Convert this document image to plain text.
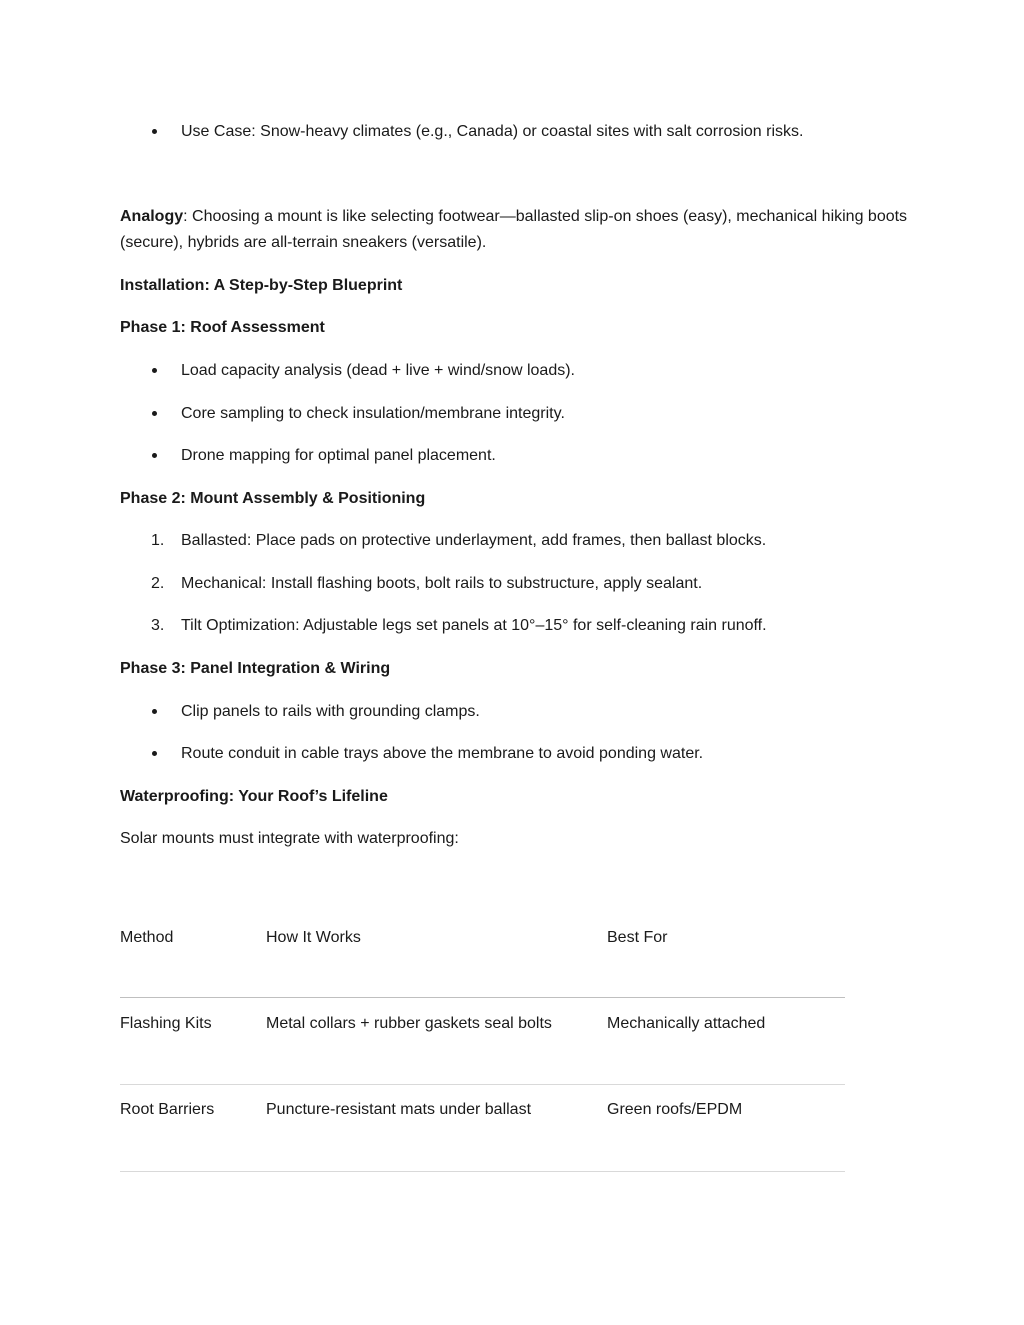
Use Case: Snow-heavy climates (e.g., Canada) or coastal sites with salt corrosion risks.
Analogy: Choosing a mount is like selecting footwear—ballasted slip-on shoes (easy), mechanical hiking boots (secure), hybrids are all-terrain sneakers (versatile).
Installation: A Step-by-Step Blueprint
Phase 1: Roof Assessment
Load capacity analysis (dead + live + wind/snow loads).
Core sampling to check insulation/membrane integrity.
Drone mapping for optimal panel placement.
Phase 2: Mount Assembly & Positioning
1. Ballasted: Place pads on protective underlayment, add frames, then ballast blocks.
2. Mechanical: Install flashing boots, bolt rails to substructure, apply sealant.
3. Tilt Optimization: Adjustable legs set panels at 10°–15° for self-cleaning rain runoff.
Phase 3: Panel Integration & Wiring
Clip panels to rails with grounding clamps.
Route conduit in cable trays above the membrane to avoid ponding water.
Waterproofing: Your Roof’s Lifeline
Solar mounts must integrate with waterproofing:
Method	How It Works	Best For
Flashing Kits	Metal collars + rubber gaskets seal bolts	Mechanically attached
Root Barriers	Puncture-resistant mats under ballast	Green roofs/EPDM
